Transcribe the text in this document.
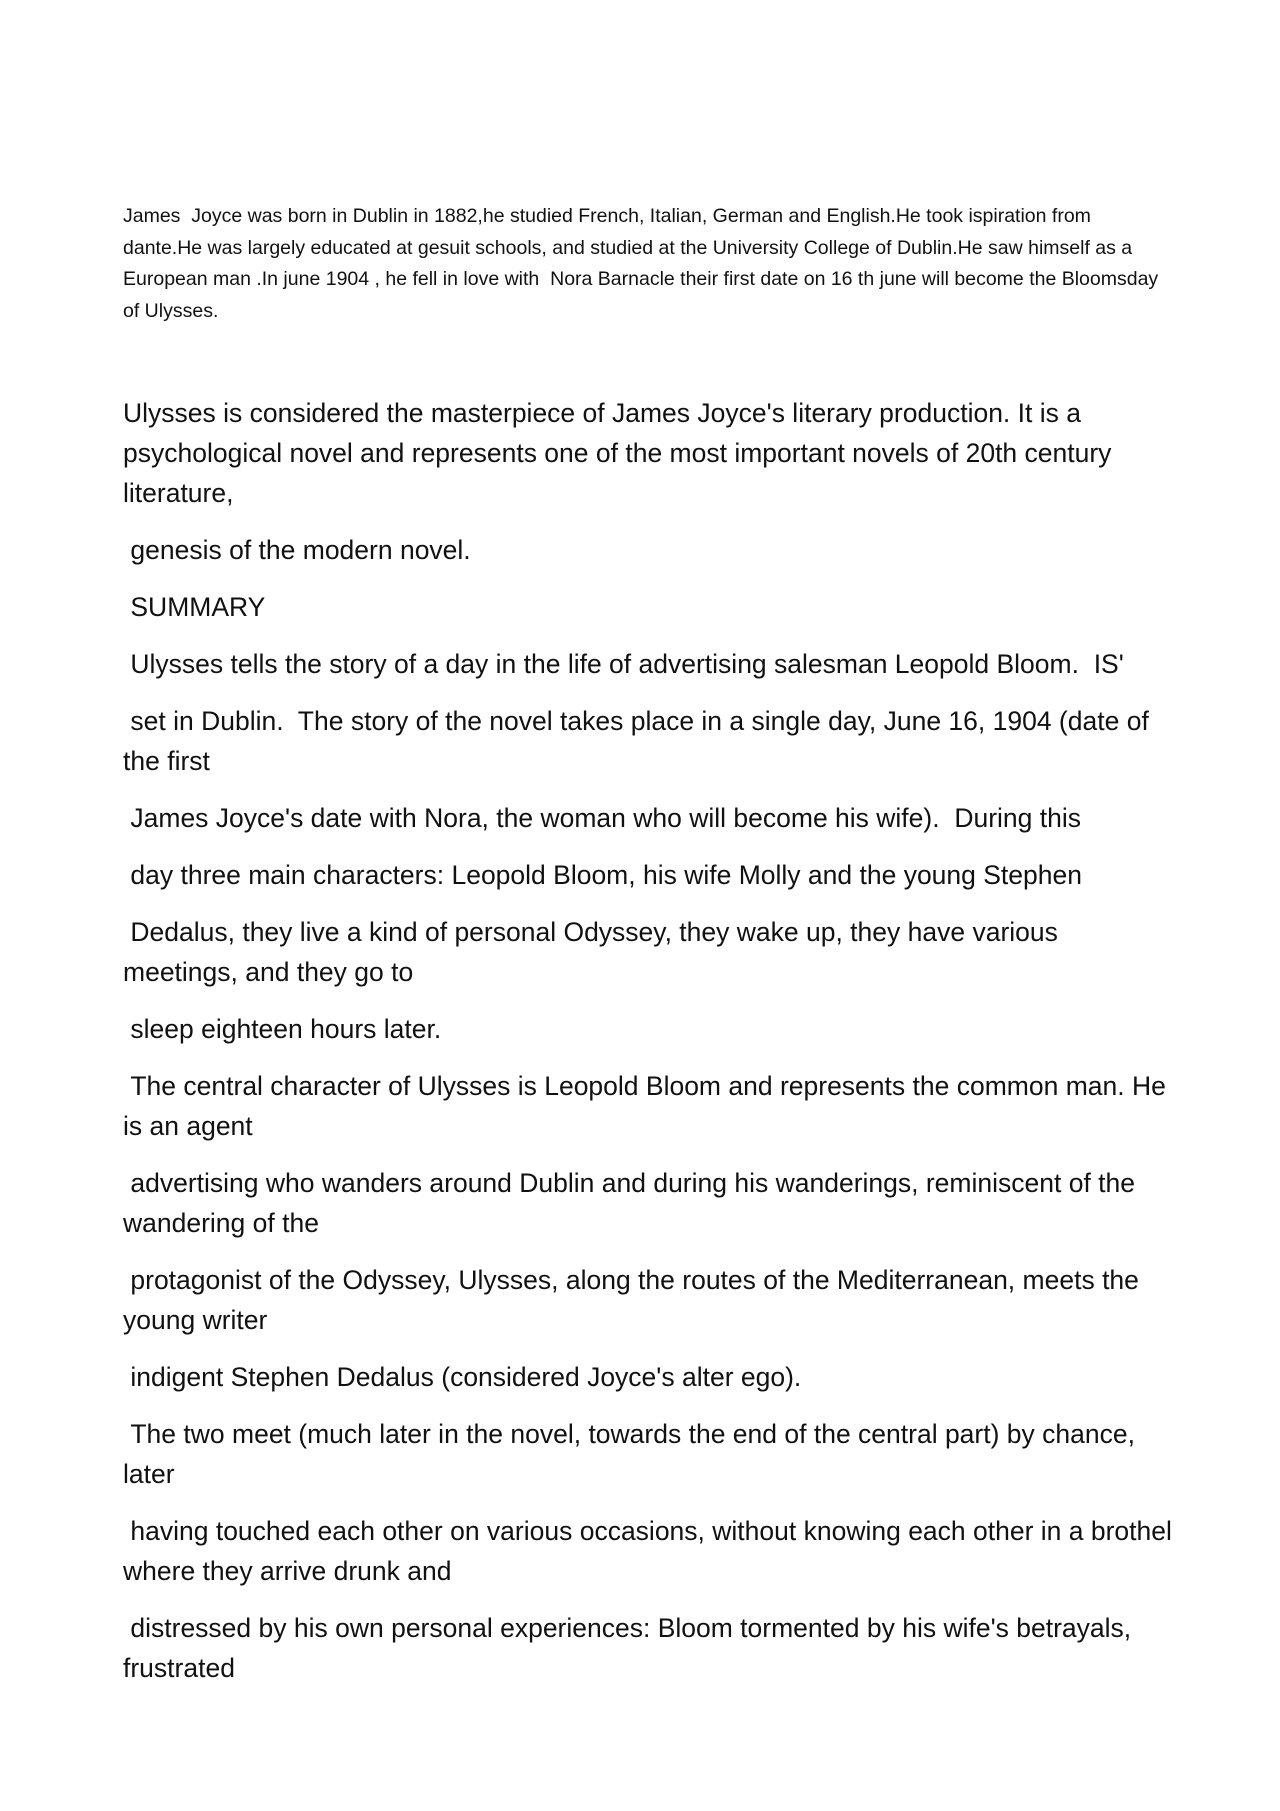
James  Joyce was born in Dublin in 1882,he studied French, Italian, German and English.He took ispiration from dante.He was largely educated at gesuit schools, and studied at the University College of Dublin.He saw himself as a European man .In june 1904 , he fell in love with  Nora Barnacle their first date on 16 th june will become the Bloomsday of Ulysses.

Ulysses is considered the masterpiece of James Joyce's literary production. It is a psychological novel and represents one of the most important novels of 20th century literature,

genesis of the modern novel.

SUMMARY

Ulysses tells the story of a day in the life of advertising salesman Leopold Bloom.  IS'

set in Dublin.  The story of the novel takes place in a single day, June 16, 1904 (date of the first

James Joyce's date with Nora, the woman who will become his wife).  During this

day three main characters: Leopold Bloom, his wife Molly and the young Stephen

Dedalus, they live a kind of personal Odyssey, they wake up, they have various meetings, and they go to

sleep eighteen hours later.

The central character of Ulysses is Leopold Bloom and represents the common man. He is an agent

advertising who wanders around Dublin and during his wanderings, reminiscent of the wandering of the

protagonist of the Odyssey, Ulysses, along the routes of the Mediterranean, meets the young writer

indigent Stephen Dedalus (considered Joyce's alter ego).

The two meet (much later in the novel, towards the end of the central part) by chance, later

having touched each other on various occasions, without knowing each other in a brothel where they arrive drunk and

distressed by his own personal experiences: Bloom tormented by his wife's betrayals, frustrated
